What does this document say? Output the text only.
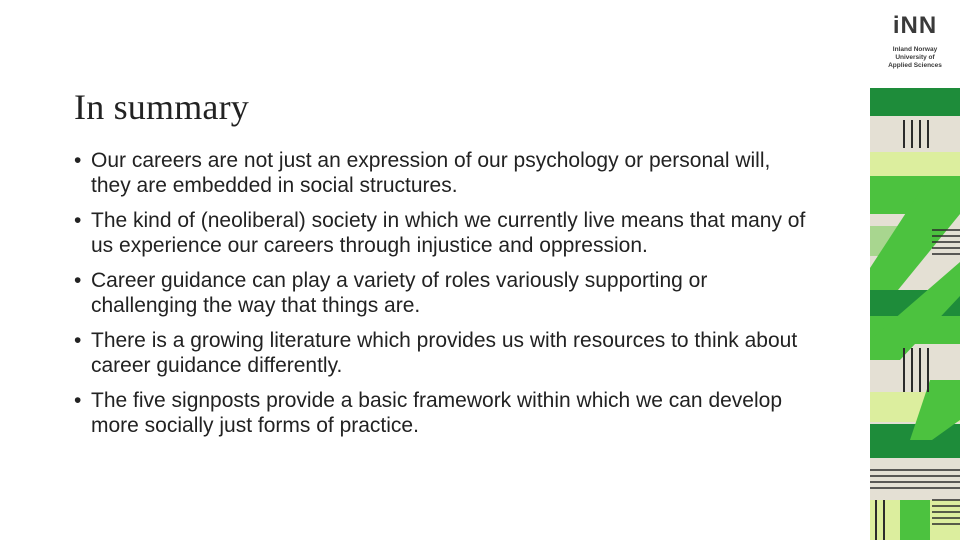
In summary
• Our careers are not just an expression of our psychology or personal will, they are embedded in social structures.
• The kind of (neoliberal) society in which we currently live means that many of us experience our careers through injustice and oppression.
• Career guidance can play a variety of roles variously supporting or challenging the way that things are.
• There is a growing literature which provides us with resources to think about career guidance differently.
• The five signposts provide a basic framework within which we can develop more socially just forms of practice.
iNN
Inland Norway
University of
Applied Sciences
